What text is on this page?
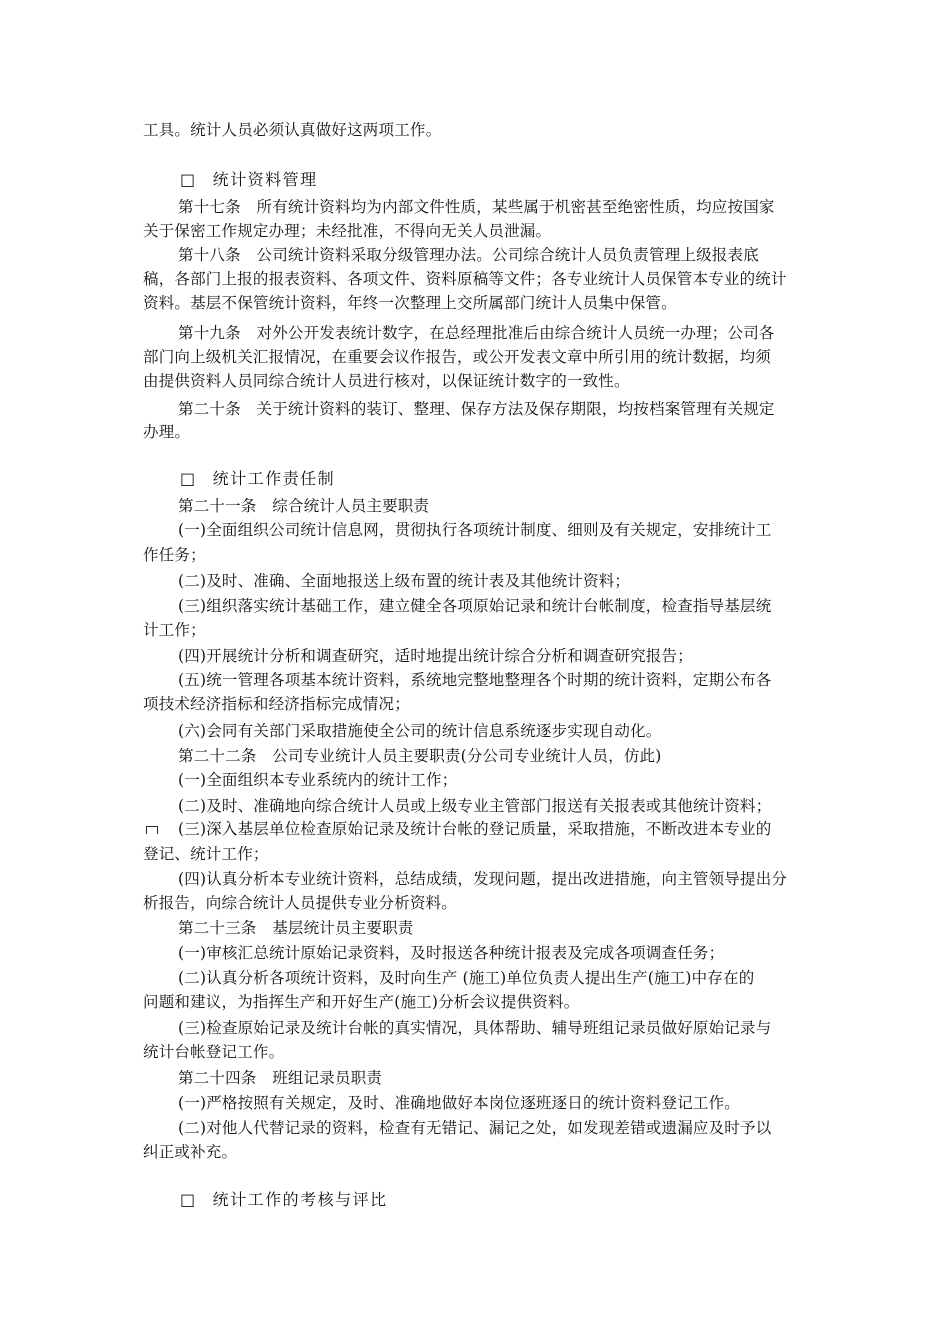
工具。统计人员必须认真做好这两项工作。
□ 统计资料管理
第十七条　所有统计资料均为内部文件性质，某些属于机密甚至绝密性质，均应按国家
关于保密工作规定办理；未经批准，不得向无关人员泄漏。
第十八条　公司统计资料采取分级管理办法。公司综合统计人员负责管理上级报表底
稿，各部门上报的报表资料、各项文件、资料原稿等文件；各专业统计人员保管本专业的统计
资料。基层不保管统计资料，年终一次整理上交所属部门统计人员集中保管。
第十九条　对外公开发表统计数字，在总经理批准后由综合统计人员统一办理；公司各
部门向上级机关汇报情况，在重要会议作报告，或公开发表文章中所引用的统计数据，均须
由提供资料人员同综合统计人员进行核对，以保证统计数字的一致性。
第二十条　关于统计资料的装订、整理、保存方法及保存期限，均按档案管理有关规定
办理。
□ 统计工作责任制
第二十一条　综合统计人员主要职责
(一)全面组织公司统计信息网，贯彻执行各项统计制度、细则及有关规定，安排统计工
作任务；
(二)及时、准确、全面地报送上级布置的统计表及其他统计资料；
(三)组织落实统计基础工作，建立健全各项原始记录和统计台帐制度，检查指导基层统
计工作；
(四)开展统计分析和调查研究，适时地提出统计综合分析和调查研究报告；
(五)统一管理各项基本统计资料，系统地完整地整理各个时期的统计资料，定期公布各
项技术经济指标和经济指标完成情况；
(六)会同有关部门采取措施使全公司的统计信息系统逐步实现自动化。
第二十二条　公司专业统计人员主要职责(分公司专业统计人员，仿此)
(一)全面组织本专业系统内的统计工作；
(二)及时、准确地向综合统计人员或上级专业主管部门报送有关报表或其他统计资料；
(三)深入基层单位检查原始记录及统计台帐的登记质量，采取措施，不断改进本专业的
登记、统计工作；
(四)认真分析本专业统计资料，总结成绩，发现问题，提出改进措施，向主管领导提出分
析报告，向综合统计人员提供专业分析资料。
第二十三条　基层统计员主要职责
(一)审核汇总统计原始记录资料，及时报送各种统计报表及完成各项调查任务；
(二)认真分析各项统计资料，及时向生产 (施工)单位负责人提出生产(施工)中存在的
问题和建议，为指挥生产和开好生产(施工)分析会议提供资料。
(三)检查原始记录及统计台帐的真实情况，具体帮助、辅导班组记录员做好原始记录与
统计台帐登记工作。
第二十四条　班组记录员职责
(一)严格按照有关规定，及时、准确地做好本岗位逐班逐日的统计资料登记工作。
(二)对他人代替记录的资料，检查有无错记、漏记之处，如发现差错或遗漏应及时予以
纠正或补充。
□ 统计工作的考核与评比
